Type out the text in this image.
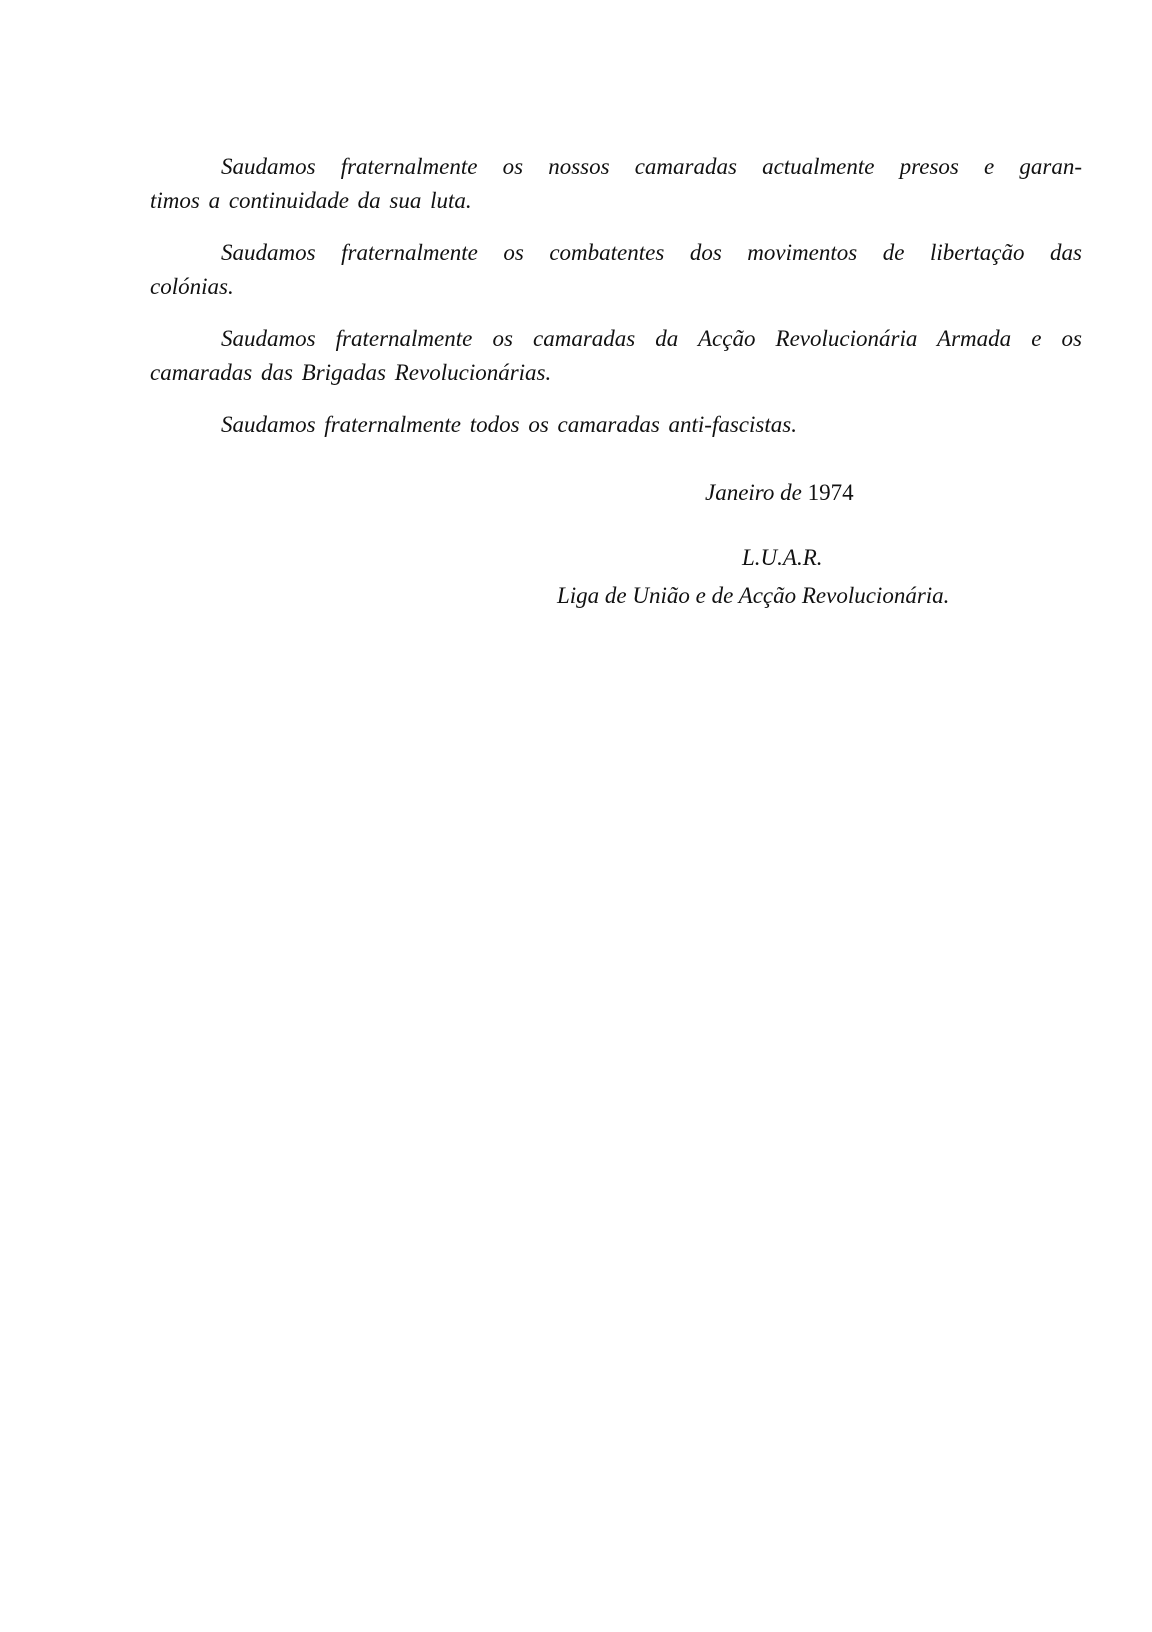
Saudamos fraternalmente os nossos camaradas actualmente presos e garan-
timos a continuidade da sua luta.

Saudamos fraternalmente os combatentes dos movimentos de libertação das
colónias.

Saudamos fraternalmente os camaradas da Acção Revolucionária Armada e os
camaradas das Brigadas Revolucionárias.

Saudamos fraternalmente todos os camaradas anti-fascistas.

Janeiro de 1974
L.U.A.R.
Liga de União e de Acção Revolucionária.
